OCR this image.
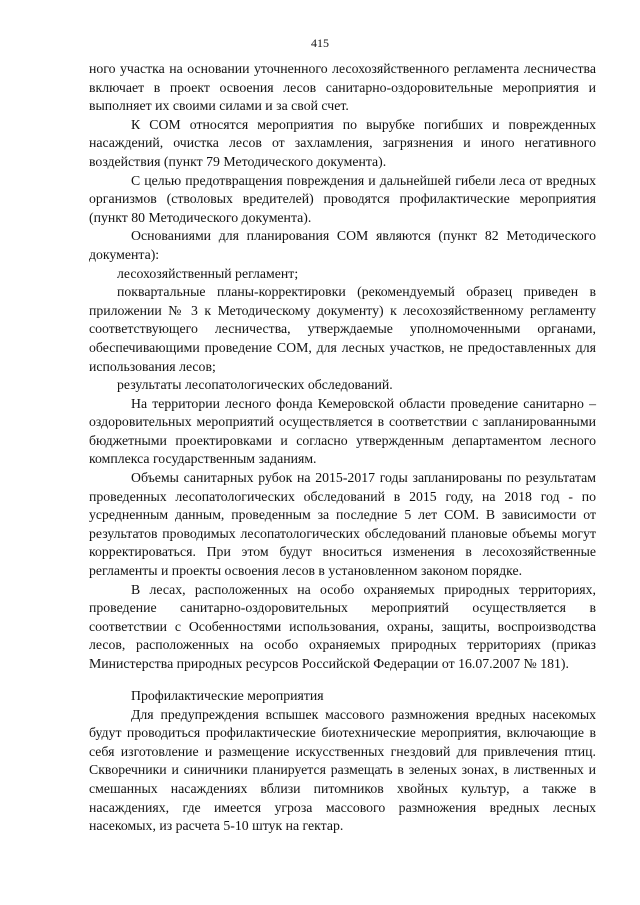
415

ного участка на основании уточненного лесохозяйственного регламента лесничества включает в проект освоения лесов санитарно-оздоровительные мероприятия и выполняет их своими силами и за свой счет.

К СОМ относятся мероприятия по вырубке погибших и поврежденных насаждений, очистка лесов от захламления, загрязнения и иного негативного воздействия (пункт 79 Методического документа).

С целью предотвращения повреждения и дальнейшей гибели леса от вредных организмов (стволовых вредителей) проводятся профилактические мероприятия (пункт 80 Методического документа).

Основаниями для планирования СОМ являются (пункт 82 Методического документа):

лесохозяйственный регламент;

поквартальные планы-корректировки (рекомендуемый образец приведен в приложении № 3 к Методическому документу) к лесохозяйственному регламенту соответствующего лесничества, утверждаемые уполномоченными органами, обеспечивающими проведение СОМ, для лесных участков, не предоставленных для использования лесов;

результаты лесопатологических обследований.

На территории лесного фонда Кемеровской области проведение санитарно – оздоровительных мероприятий осуществляется в соответствии с запланированными бюджетными проектировками и согласно утвержденным департаментом лесного комплекса государственным заданиям.

Объемы санитарных рубок на 2015-2017 годы запланированы по результатам проведенных лесопатологических обследований в 2015 году, на 2018 год - по усредненным данным, проведенным за последние 5 лет СОМ. В зависимости от результатов проводимых лесопатологических обследований плановые объемы могут корректироваться. При этом будут вноситься изменения в лесохозяйственные регламенты и проекты освоения лесов в установленном законом порядке.

В лесах, расположенных на особо охраняемых природных территориях, проведение санитарно-оздоровительных мероприятий осуществляется в соответствии с Особенностями использования, охраны, защиты, воспроизводства лесов, расположенных на особо охраняемых природных территориях (приказ Министерства природных ресурсов Российской Федерации от 16.07.2007 № 181).

Профилактические мероприятия

Для предупреждения вспышек массового размножения вредных насекомых будут проводиться профилактические биотехнические мероприятия, включающие в себя изготовление и размещение искусственных гнездовий для привлечения птиц. Скворечники и синичники планируется размещать в зеленых зонах, в лиственных и смешанных насаждениях вблизи питомников хвойных культур, а также в насаждениях, где имеется угроза массового размножения вредных лесных насекомых, из расчета 5-10 штук на гектар.
